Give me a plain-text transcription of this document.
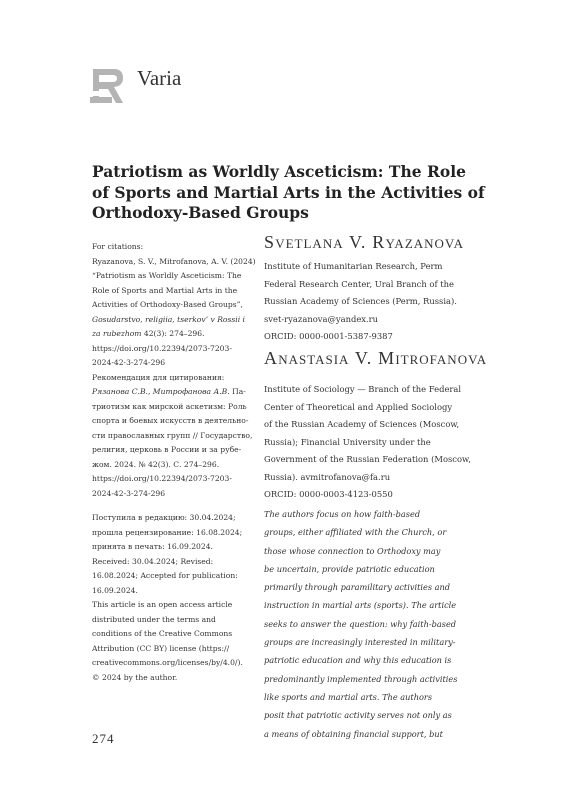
Varia
Patriotism as Worldly Asceticism: The Role
of Sports and Martial Arts in the Activities of
Orthodoxy-Based Groups
For citations:
Ryazanova, S. V., Mitrofanova, A. V. (2024)
“Patriotism as Worldly Asceticism: The
Role of Sports and Martial Arts in the
Activities of Orthodoxy-Based Groups”,
Gosudarstvo, religiia, tserkov’ v Rossii i
za rubezhom 42(3): 274–296.
https://doi.org/10.22394/2073-7203-
2024-42-3-274-296
Рекомендация для цитирования:
Рязанова С.В., Митрофанова А.В. Па-
триотизм как мирской аскетизм: Роль
спорта и боевых искусств в деятельно-
сти православных групп // Государство,
религия, церковь в России и за рубе-
жом. 2024. № 42(3). С. 274–296.
https://doi.org/10.22394/2073-7203-
2024-42-3-274-296
Поступила в редакцию: 30.04.2024;
прошла рецензирование: 16.08.2024;
принята в печать: 16.09.2024.
Received: 30.04.2024; Revised:
16.08.2024; Accepted for publication:
16.09.2024.
This article is an open access article
distributed under the terms and
conditions of the Creative Commons
Attribution (CC BY) license (https://
creativecommons.org/licenses/by/4.0/).
© 2024 by the author.
SVETLANA V. RYAZANOVA
Institute of Humanitarian Research, Perm
Federal Research Center, Ural Branch of the
Russian Academy of Sciences (Perm, Russia).
svet-ryazanova@yandex.ru
ORCID: 0000-0001-5387-9387
ANASTASIA V. MITROFANOVA
Institute of Sociology — Branch of the Federal
Center of Theoretical and Applied Sociology
of the Russian Academy of Sciences (Moscow,
Russia); Financial University under the
Government of the Russian Federation (Moscow,
Russia). avmitrofanova@fa.ru
ORCID: 0000-0003-4123-0550
The authors focus on how faith-based
groups, either affiliated with the Church, or
those whose connection to Orthodoxy may
be uncertain, provide patriotic education
primarily through paramilitary activities and
instruction in martial arts (sports). The article
seeks to answer the question: why faith-based
groups are increasingly interested in military-
patriotic education and why this education is
predominantly implemented through activities
like sports and martial arts. The authors
posit that patriotic activity serves not only as
a means of obtaining financial support, but
274
